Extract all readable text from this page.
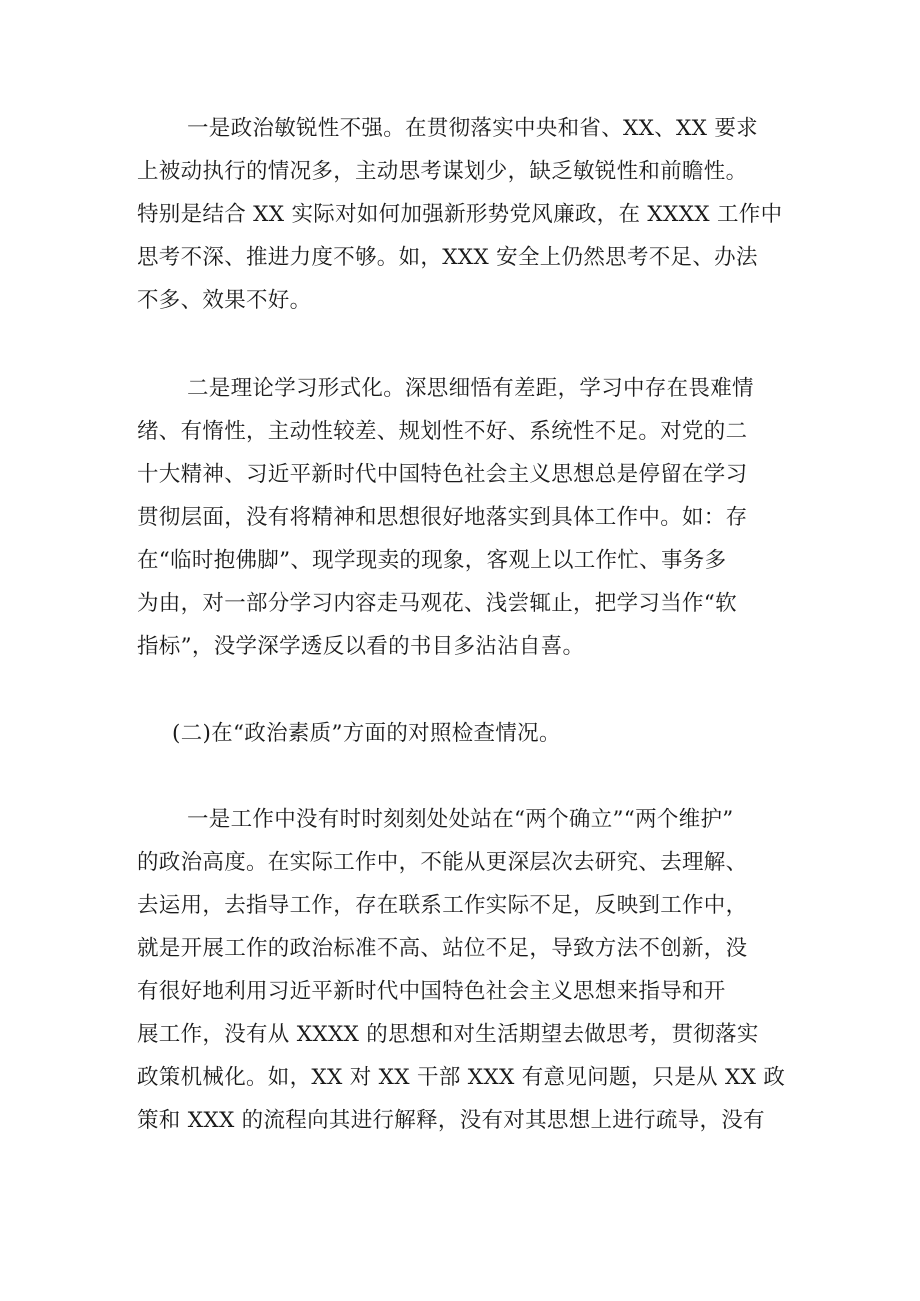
一是政治敏锐性不强。在贯彻落实中央和省、XX、XX 要求
上被动执行的情况多，主动思考谋划少，缺乏敏锐性和前瞻性。
特别是结合 XX 实际对如何加强新形势党风廉政，在 XXXX 工作中
思考不深、推进力度不够。如，XXX 安全上仍然思考不足、办法
不多、效果不好。
二是理论学习形式化。深思细悟有差距，学习中存在畏难情
绪、有惰性，主动性较差、规划性不好、系统性不足。对党的二
十大精神、习近平新时代中国特色社会主义思想总是停留在学习
贯彻层面，没有将精神和思想很好地落实到具体工作中。如：存
在“临时抱佛脚”、现学现卖的现象，客观上以工作忙、事务多
为由，对一部分学习内容走马观花、浅尝辄止，把学习当作“软
指标”，没学深学透反以看的书目多沾沾自喜。
(二)在“政治素质”方面的对照检查情况。
一是工作中没有时时刻刻处处站在“两个确立”“两个维护”
的政治高度。在实际工作中，不能从更深层次去研究、去理解、
去运用，去指导工作，存在联系工作实际不足，反映到工作中，
就是开展工作的政治标准不高、站位不足，导致方法不创新，没
有很好地利用习近平新时代中国特色社会主义思想来指导和开
展工作，没有从 XXXX 的思想和对生活期望去做思考，贯彻落实
政策机械化。如，XX 对 XX 干部 XXX 有意见问题，只是从 XX 政
策和 XXX 的流程向其进行解释，没有对其思想上进行疏导，没有
